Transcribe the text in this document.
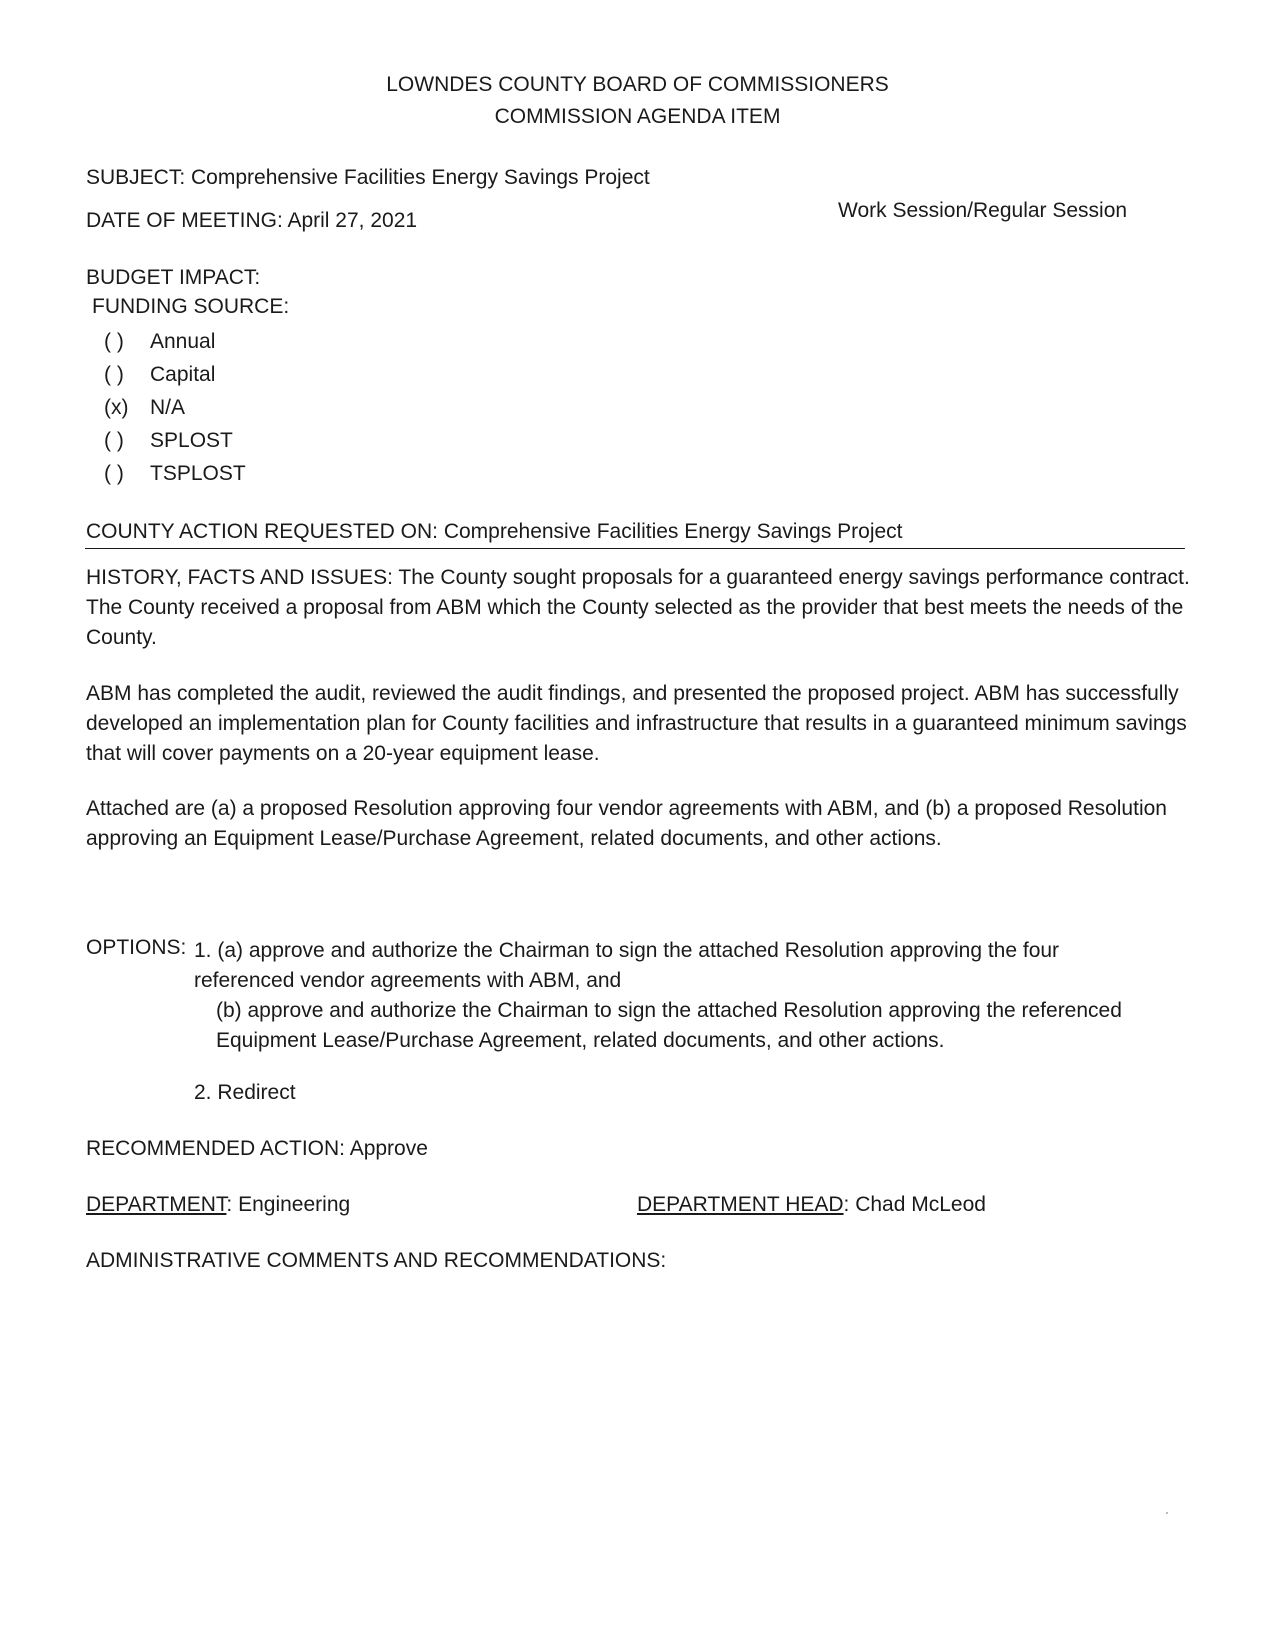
LOWNDES COUNTY BOARD OF COMMISSIONERS
COMMISSION AGENDA ITEM
SUBJECT: Comprehensive Facilities Energy Savings Project
DATE OF MEETING: April 27, 2021	Work Session/Regular Session
BUDGET IMPACT:
FUNDING SOURCE:
( ) Annual
( ) Capital
(x) N/A
( ) SPLOST
( ) TSPLOST
COUNTY ACTION REQUESTED ON: Comprehensive Facilities Energy Savings Project
HISTORY, FACTS AND ISSUES: The County sought proposals for a guaranteed energy savings performance contract. The County received a proposal from ABM which the County selected as the provider that best meets the needs of the County.
ABM has completed the audit, reviewed the audit findings, and presented the proposed project. ABM has successfully developed an implementation plan for County facilities and infrastructure that results in a guaranteed minimum savings that will cover payments on a 20-year equipment lease.
Attached are (a) a proposed Resolution approving four vendor agreements with ABM, and (b) a proposed Resolution approving an Equipment Lease/Purchase Agreement, related documents, and other actions.
OPTIONS: 1. (a) approve and authorize the Chairman to sign the attached Resolution approving the four referenced vendor agreements with ABM, and
(b) approve and authorize the Chairman to sign the attached Resolution approving the referenced Equipment Lease/Purchase Agreement, related documents, and other actions.
2. Redirect
RECOMMENDED ACTION: Approve
DEPARTMENT: Engineering	DEPARTMENT HEAD: Chad McLeod
ADMINISTRATIVE COMMENTS AND RECOMMENDATIONS:
